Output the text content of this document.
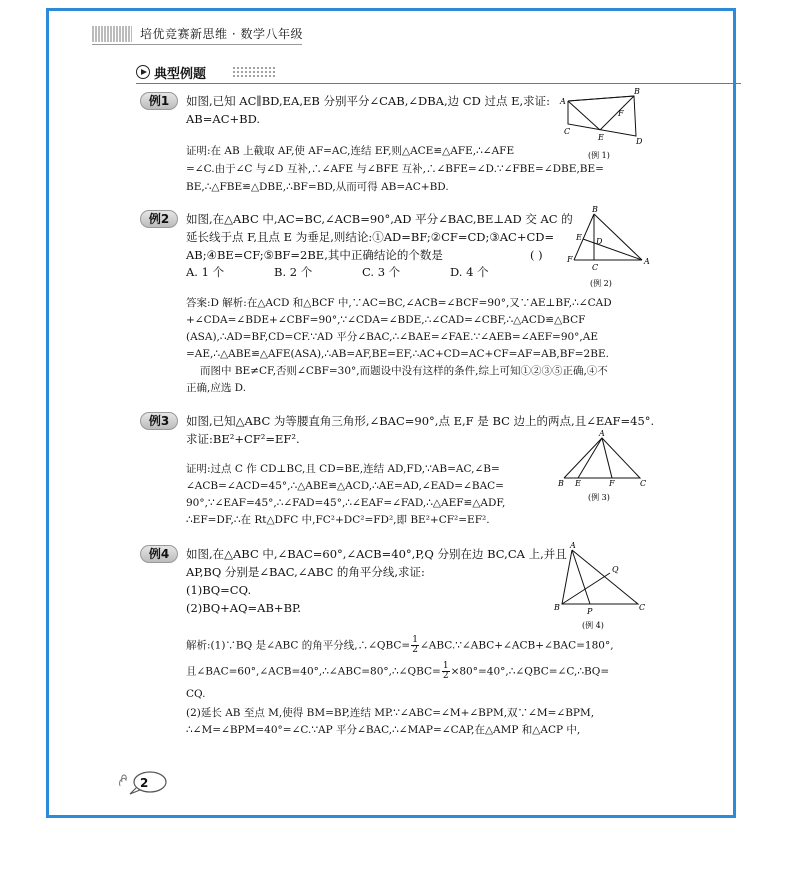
培优竞赛新思维 · 数学八年级
典型例题
例1	如图,已知 AC∥BD,EA,EB 分别平分∠CAB,∠DBA,边 CD 过点 E,求证:
AB=AC+BD.
证明:在 AB 上截取 AF,使 AF=AC,连结 EF,则△ACE≌△AFE,∴∠AFE
=∠C.由于∠C 与∠D 互补,∴∠AFE 与∠BFE 互补,∴∠BFE=∠D.∵∠FBE=∠DBE,BE=
BE,∴△FBE≌△DBE,∴BF=BD,从而可得 AB=AC+BD.
A
B
C
D
E
F
(例 1)
例2	如图,在△ABC 中,AC=BC,∠ACB=90°,AD 平分∠BAC,BE⊥AD 交 AC 的
延长线于点 F,且点 E 为垂足,则结论:①AD=BF;②CF=CD;③AC+CD=
AB;④BE=CF;⑤BF=2BE,其中正确结论的个数是	( )
A. 1 个	B. 2 个	C. 3 个	D. 4 个
答案:D 解析:在△ACD 和△BCF 中,∵AC=BC,∠ACB=∠BCF=90°,又∵AE⊥BF,∴∠CAD
+∠CDA=∠BDE+∠CBF=90°,∵∠CDA=∠BDE,∴∠CAD=∠CBF,∴△ACD≌△BCF
(ASA),∴AD=BF,CD=CF.∵AD 平分∠BAC,∴∠BAE=∠FAE.∵∠AEB=∠AEF=90°,AE
=AE,∴△ABE≌△AFE(ASA),∴AB=AF,BE=EF,∴AC+CD=AC+CF=AF=AB,BF=2BE.
而图中 BE≠CF,否则∠CBF=30°,而题设中没有这样的条件,综上可知①②③⑤正确,④不
正确,应选 D.
B
A
C
D
E
F
(例 2)
例3	如图,已知△ABC 为等腰直角三角形,∠BAC=90°,点 E,F 是 BC 边上的两点,且∠EAF=45°.
求证:BE²+CF²=EF².
证明:过点 C 作 CD⊥BC,且 CD=BE,连结 AD,FD,∵AB=AC,∠B=
∠ACB=∠ACD=45°,∴△ABE≌△ACD,∴AE=AD,∠EAD=∠BAC=
90°,∵∠EAF=45°,∴∠FAD=45°,∴∠EAF=∠FAD,∴△AEF≌△ADF,
∴EF=DF,∴在 Rt△DFC 中,FC²+DC²=FD²,即 BE²+CF²=EF².
A
B	C
E	F
(例 3)
例4	如图,在△ABC 中,∠BAC=60°,∠ACB=40°,P,Q 分别在边 BC,CA 上,并且
AP,BQ 分别是∠BAC,∠ABC 的角平分线,求证:
(1)BQ=CQ.
(2)BQ+AQ=AB+BP.
解析:(1)∵BQ 是∠ABC 的角平分线,∴∠QBC= $\frac{1}{2}$ ∠ABC.∵∠ABC+∠ACB+∠BAC=180°,
且∠BAC=60°,∠ACB=40°,∴∠ABC=80°,∴∠QBC= $\frac{1}{2}$ ×80°=40°,∴∠QBC=∠C,∴BQ=
CQ.
(2)延长 AB 至点 M,使得 BM=BP,连结 MP.∵∠ABC=∠M+∠BPM,双∵∠M=∠BPM,
∴∠M=∠BPM=40°=∠C.∵AP 平分∠BAC,∴∠MAP=∠CAP,在△AMP 和△ACP 中,
A
B	C
P
Q
(例 4)
2
